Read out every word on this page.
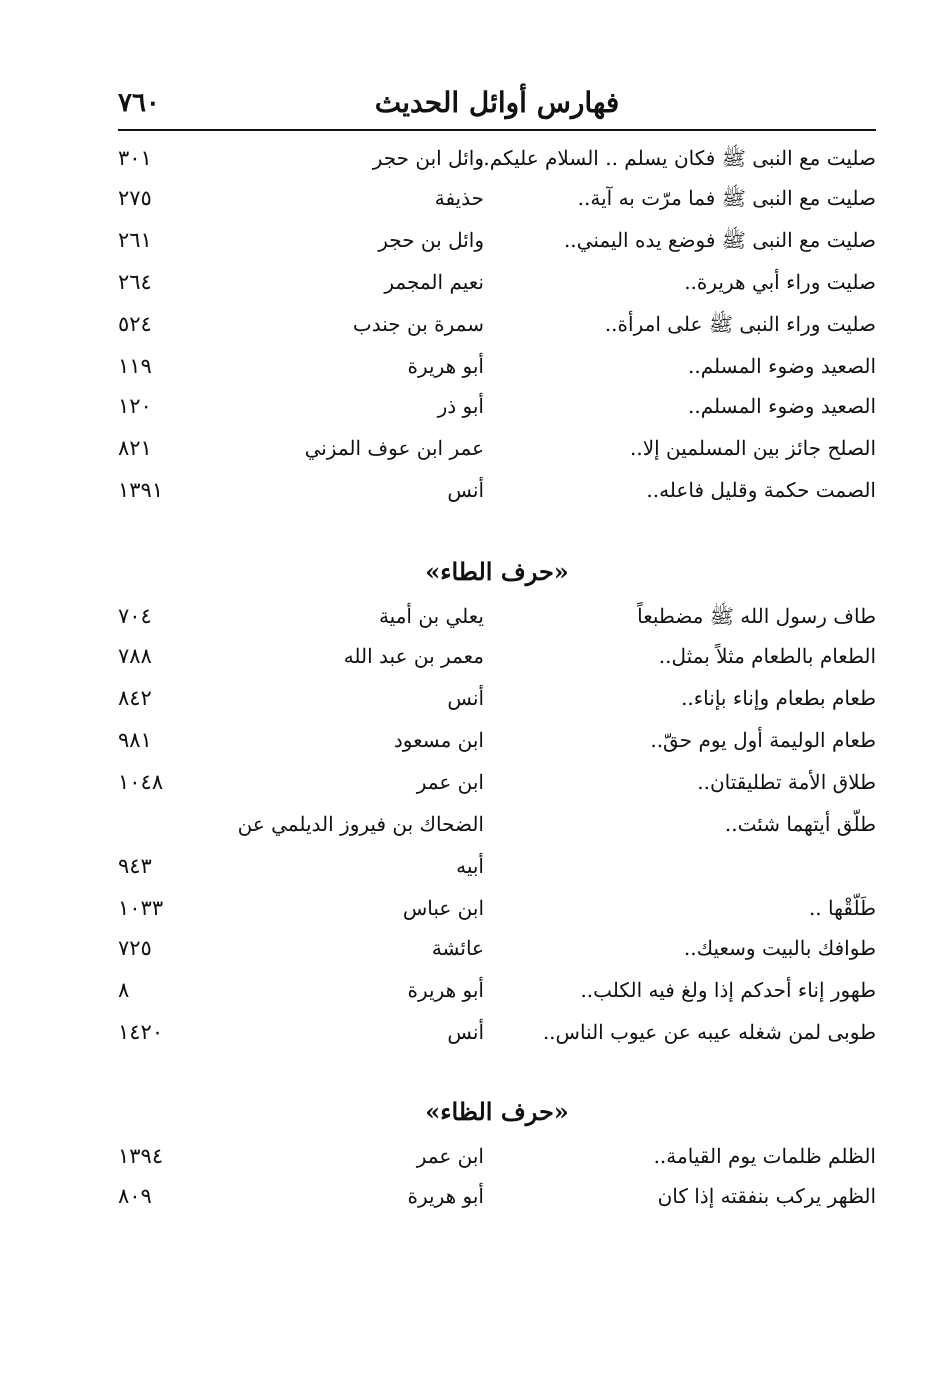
٧٦٠	فهارس أوائل الحديث
صليت مع النبى ﷺ فكان يسلم .. السلام عليكم..
وائل ابن حجر
٣٠١
صليت مع النبى ﷺ فما مرّت به آية..
حذيفة
٢٧٥
صليت مع النبى ﷺ فوضع يده اليمني..
وائل بن حجر
٢٦١
صليت وراء أبي هريرة..
نعيم المجمر
٢٦٤
صليت وراء النبى ﷺ على امرأة..
سمرة بن جندب
٥٢٤
الصعيد وضوء المسلم..
أبو هريرة
١١٩
الصعيد وضوء المسلم..
أبو ذر
١٢٠
الصلح جائز بين المسلمين إلا..
عمر ابن عوف المزني
٨٢١
الصمت حكمة وقليل فاعله..
أنس
١٣٩١
«حرف الطاء»
طاف رسول الله ﷺ مضطبعاً
يعلي بن أمية
٧٠٤
الطعام بالطعام مثلاً بمثل..
معمر بن عبد الله
٧٨٨
طعام بطعام وإناء بإناء..
أنس
٨٤٢
طعام الوليمة أول يوم حقّ..
ابن مسعود
٩٨١
طلاق الأمة تطليقتان..
ابن عمر
١٠٤٨
طلّق أيتهما شئت..
الضحاك بن فيروز الديلمي عن
أبيه
٩٤٣
طَلّقْها ..
ابن عباس
١٠٣٣
طوافك بالبيت وسعيك..
عائشة
٧٢٥
طهور إناء أحدكم إذا ولغ فيه الكلب..
أبو هريرة
٨
طوبى لمن شغله عيبه عن عيوب الناس..
أنس
١٤٢٠
«حرف الظاء»
الظلم ظلمات يوم القيامة..
ابن عمر
١٣٩٤
الظهر يركب بنفقته إذا كان
أبو هريرة
٨٠٩
